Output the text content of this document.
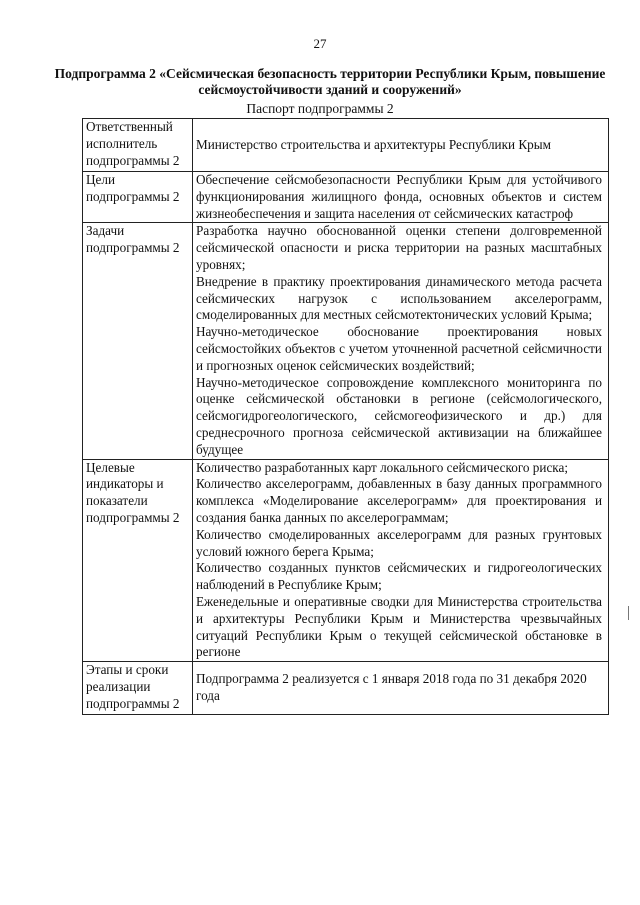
27
Подпрограмма 2 «Сейсмическая безопасность территории Республики Крым, повышение сейсмоустойчивости зданий и сооружений»
Паспорт подпрограммы 2
Ответственный исполнитель подпрограммы 2	Министерство строительства и архитектуры Республики Крым

Цели подпрограммы 2	Обеспечение сейсмобезопасности Республики Крым для устойчивого функционирования жилищного фонда, основных объектов и систем жизнеобеспечения и защита населения от сейсмических катастроф

Задачи подпрограммы 2	Разработка научно обоснованной оценки степени долговременной сейсмической опасности и риска территории на разных масштабных уровнях;

Внедрение в практику проектирования динамического метода расчета сейсмических нагрузок с использованием акселерограмм, смоделированных для местных сейсмотектонических условий Крыма;

Научно-методическое обоснование проектирования новых сейсмостойких объектов с учетом уточненной расчетной сейсмичности и прогнозных оценок сейсмических воздействий;

Научно-методическое сопровождение комплексного мониторинга по оценке сейсмической обстановки в регионе (сейсмологического, сейсмогидрогеологического, сейсмогеофизического и др.) для среднесрочного прогноза сейсмической активизации на ближайшее будущее

Целевые индикаторы и показатели подпрограммы 2	Количество разработанных карт локального сейсмического риска;

Количество акселерограмм, добавленных в базу данных программного комплекса «Моделирование акселерограмм» для проектирования и создания банка данных по акселерограммам;

Количество смоделированных акселерограмм для разных грунтовых условий южного берега Крыма;

Количество созданных пунктов сейсмических и гидрогеологических наблюдений в Республике Крым;

Еженедельные и оперативные сводки для Министерства строительства и архитектуры Республики Крым и Министерства чрезвычайных ситуаций Республики Крым о текущей сейсмической обстановке в регионе

Этапы и сроки реализации подпрограммы 2	Подпрограмма 2 реализуется с 1 января 2018 года по 31 декабря 2020 года
